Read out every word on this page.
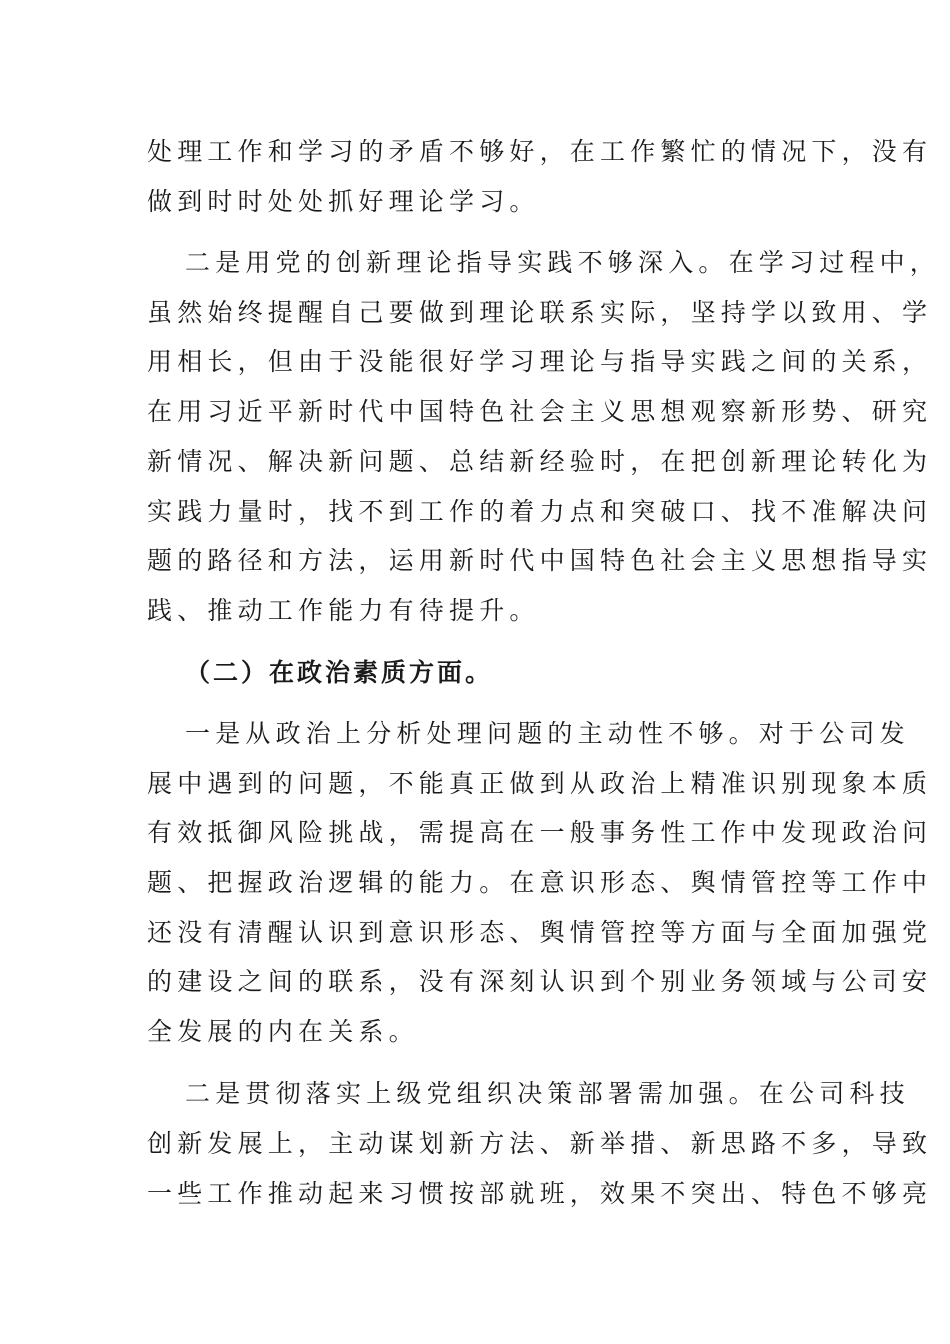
处理工作和学习的矛盾不够好，在工作繁忙的情况下，没有
做到时时处处抓好理论学习。
二是用党的创新理论指导实践不够深入。在学习过程中，
虽然始终提醒自己要做到理论联系实际，坚持学以致用、学
用相长，但由于没能很好学习理论与指导实践之间的关系，
在用习近平新时代中国特色社会主义思想观察新形势、研究
新情况、解决新问题、总结新经验时，在把创新理论转化为
实践力量时，找不到工作的着力点和突破口、找不准解决问
题的路径和方法，运用新时代中国特色社会主义思想指导实
践、推动工作能力有待提升。
（二）在政治素质方面。
一是从政治上分析处理问题的主动性不够。对于公司发
展中遇到的问题，不能真正做到从政治上精准识别现象本质
有效抵御风险挑战，需提高在一般事务性工作中发现政治问
题、把握政治逻辑的能力。在意识形态、舆情管控等工作中
还没有清醒认识到意识形态、舆情管控等方面与全面加强党
的建设之间的联系，没有深刻认识到个别业务领域与公司安
全发展的内在关系。
二是贯彻落实上级党组织决策部署需加强。在公司科技
创新发展上，主动谋划新方法、新举措、新思路不多，导致
一些工作推动起来习惯按部就班，效果不突出、特色不够亮
